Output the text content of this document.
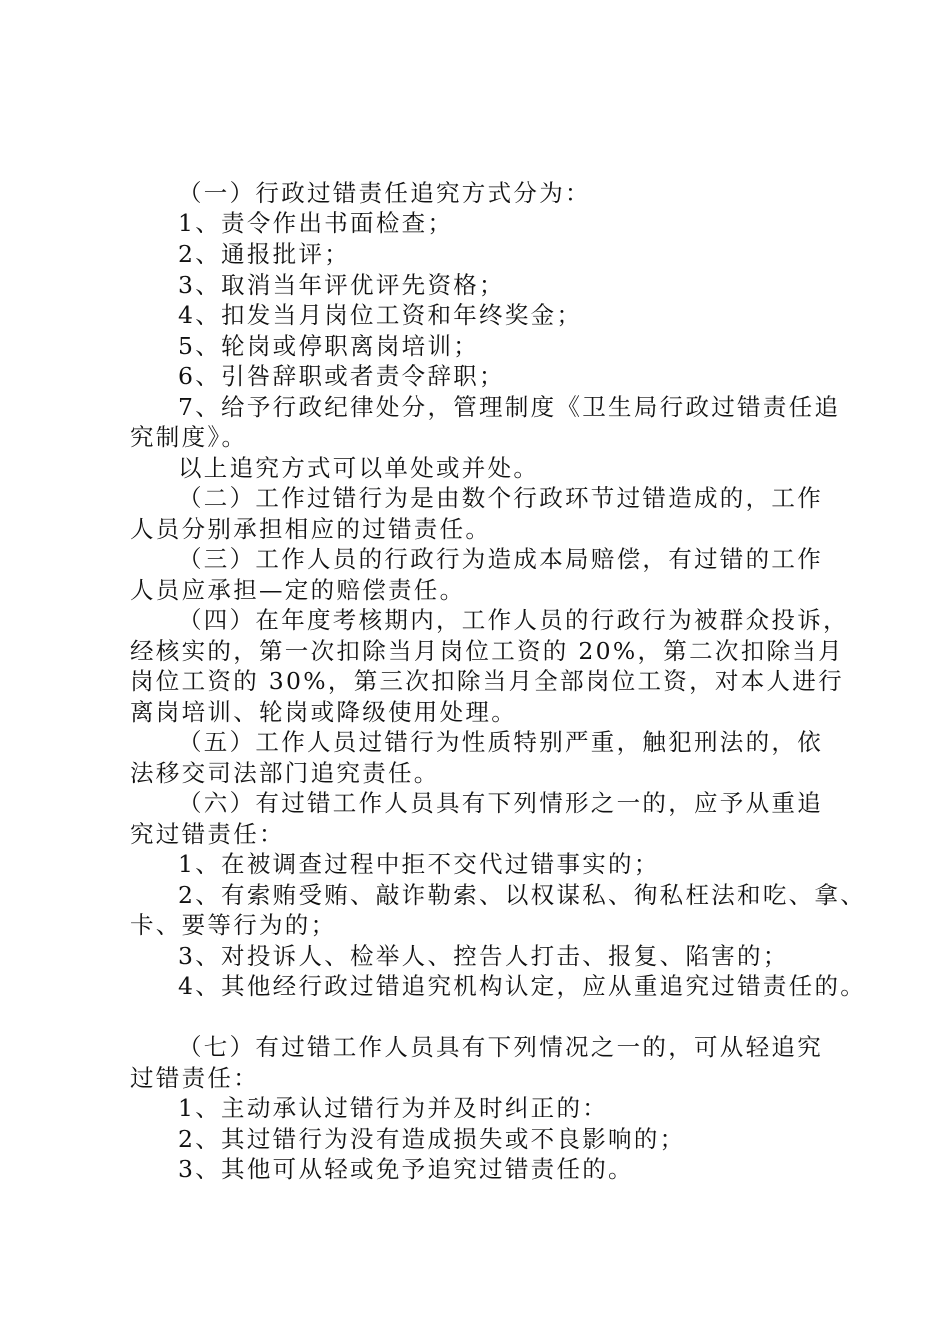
（一）行政过错责任追究方式分为：
1、责令作出书面检查；
2、通报批评；
3、取消当年评优评先资格；
4、扣发当月岗位工资和年终奖金；
5、轮岗或停职离岗培训；
6、引咎辞职或者责令辞职；
7、给予行政纪律处分，管理制度《卫生局行政过错责任追
究制度》。
以上追究方式可以单处或并处。
（二）工作过错行为是由数个行政环节过错造成的，工作
人员分别承担相应的过错责任。
（三）工作人员的行政行为造成本局赔偿，有过错的工作
人员应承担—定的赔偿责任。
（四）在年度考核期内，工作人员的行政行为被群众投诉，
经核实的，第一次扣除当月岗位工资的 20%，第二次扣除当月
岗位工资的 30%，第三次扣除当月全部岗位工资，对本人进行
离岗培训、轮岗或降级使用处理。
（五）工作人员过错行为性质特别严重，触犯刑法的，依
法移交司法部门追究责任。
（六）有过错工作人员具有下列情形之一的，应予从重追
究过错责任：
1、在被调查过程中拒不交代过错事实的；
2、有索贿受贿、敲诈勒索、以权谋私、徇私枉法和吃、拿、
卡、要等行为的；
3、对投诉人、检举人、控告人打击、报复、陷害的；
4、其他经行政过错追究机构认定，应从重追究过错责任的。
（七）有过错工作人员具有下列情况之一的，可从轻追究
过错责任：
1、主动承认过错行为并及时纠正的：
2、其过错行为没有造成损失或不良影响的；
3、其他可从轻或免予追究过错责任的。
